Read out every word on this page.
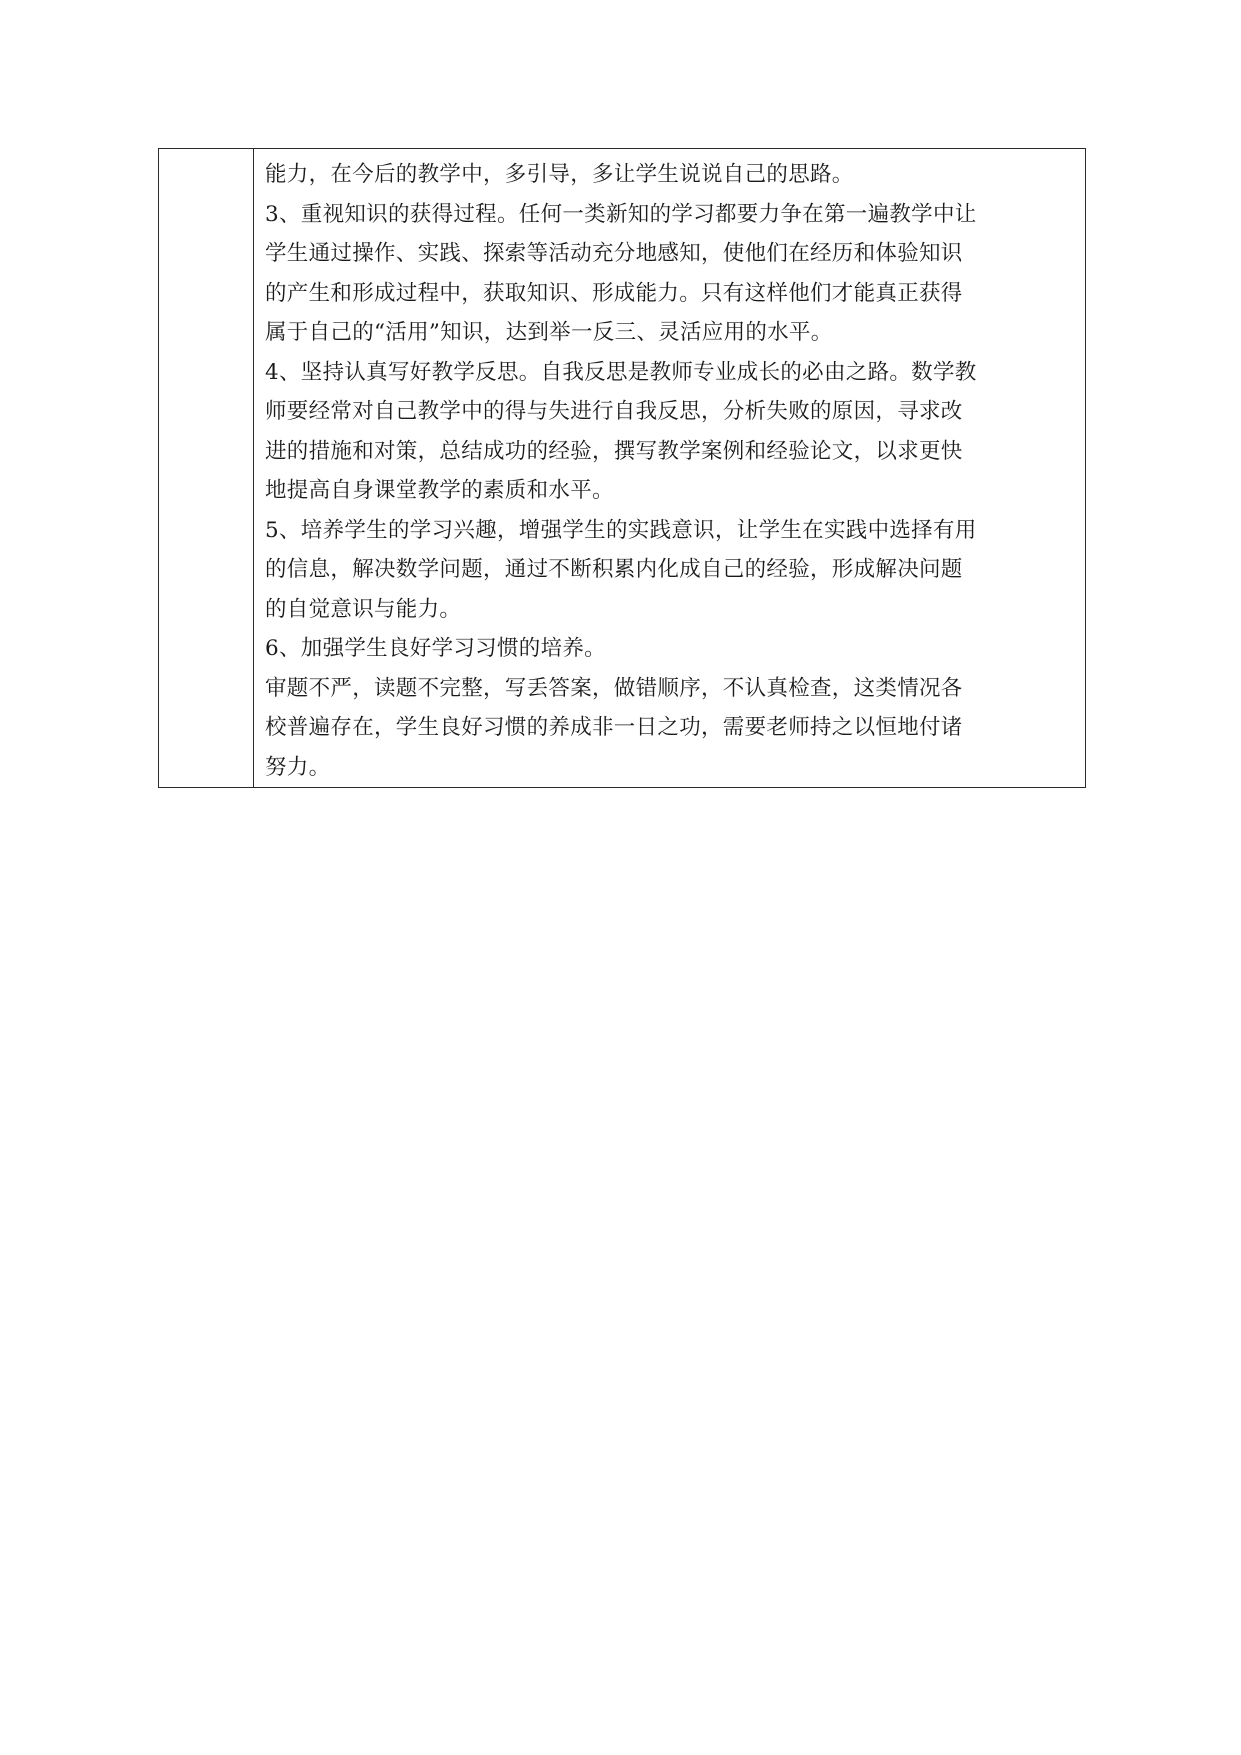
能力，在今后的教学中，多引导，多让学生说说自己的思路。
3、重视知识的获得过程。任何一类新知的学习都要力争在第一遍教学中让
学生通过操作、实践、探索等活动充分地感知，使他们在经历和体验知识
的产生和形成过程中，获取知识、形成能力。只有这样他们才能真正获得
属于自己的“活用”知识，达到举一反三、灵活应用的水平。
4、坚持认真写好教学反思。自我反思是教师专业成长的必由之路。数学教
师要经常对自己教学中的得与失进行自我反思，分析失败的原因，寻求改
进的措施和对策，总结成功的经验，撰写教学案例和经验论文，以求更快
地提高自身课堂教学的素质和水平。
5、培养学生的学习兴趣，增强学生的实践意识，让学生在实践中选择有用
的信息，解决数学问题，通过不断积累内化成自己的经验，形成解决问题
的自觉意识与能力。
6、加强学生良好学习习惯的培养。
审题不严，读题不完整，写丢答案，做错顺序，不认真检查，这类情况各
校普遍存在，学生良好习惯的养成非一日之功，需要老师持之以恒地付诸
努力。
